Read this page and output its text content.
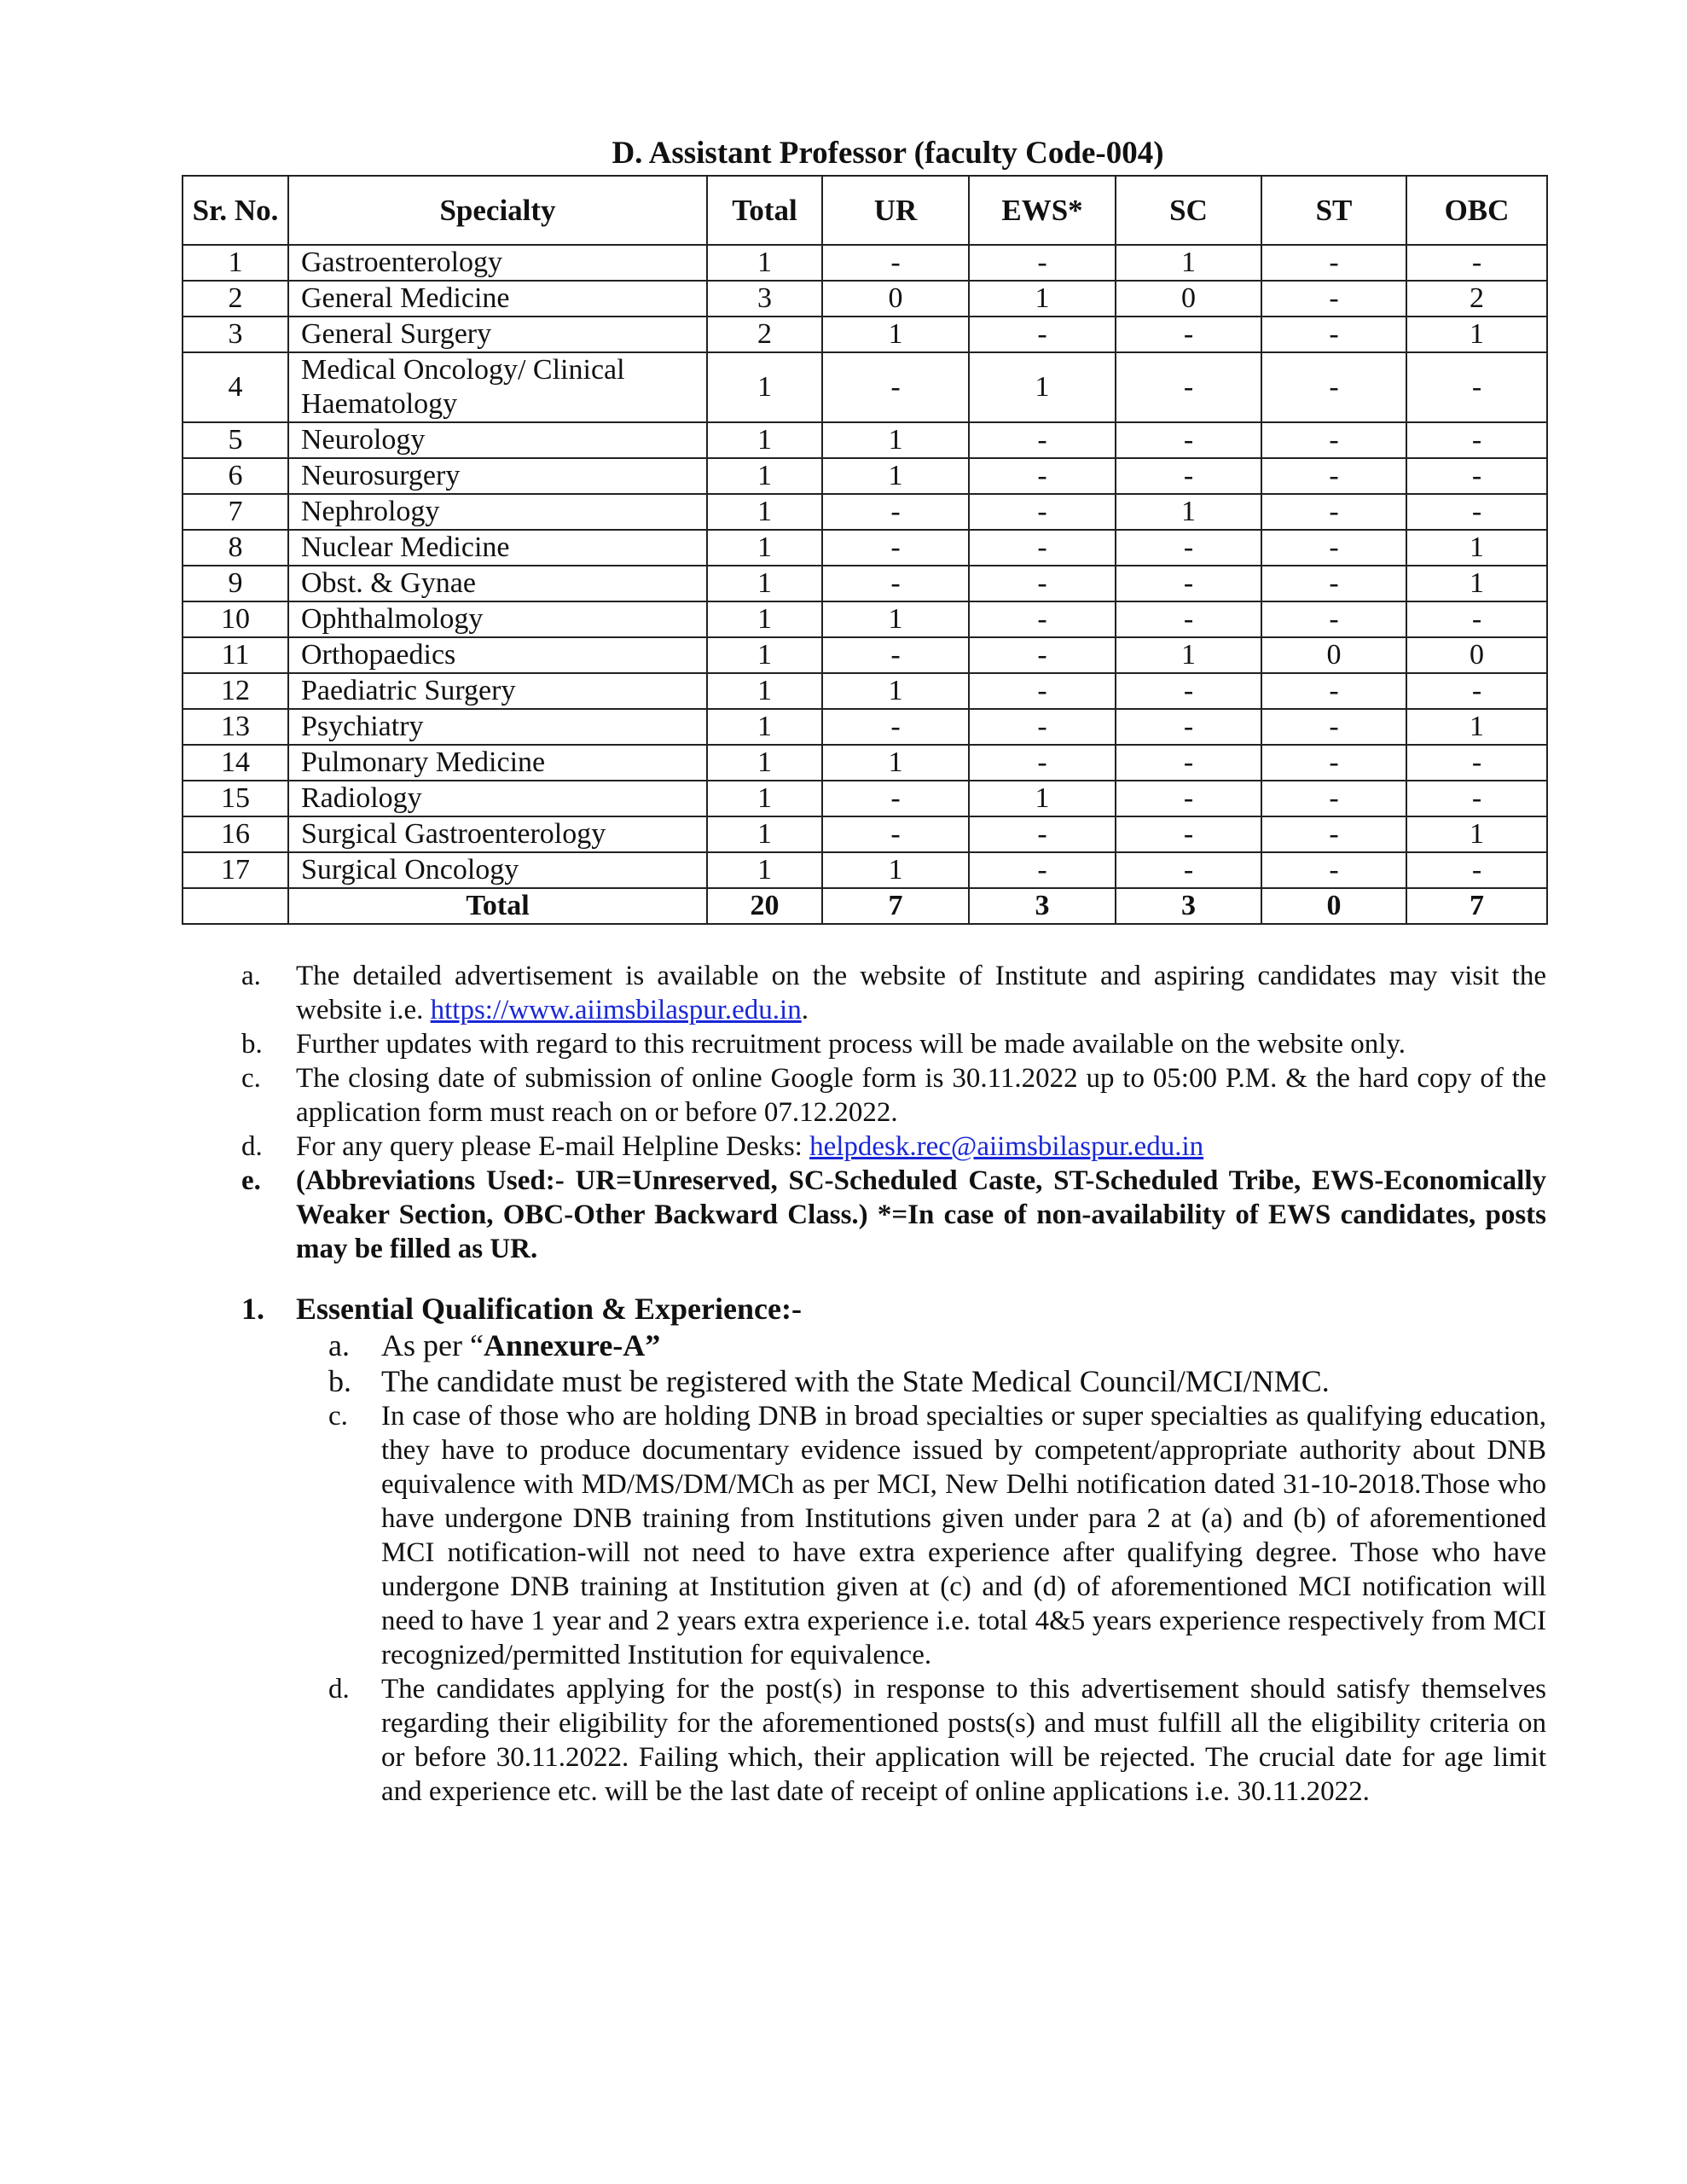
D. Assistant Professor (faculty Code-004)
Sr. No.	Specialty	Total	UR	EWS*	SC	ST	OBC
1	Gastroenterology	1	-	-	1	-	-
2	General Medicine	3	0	1	0	-	2
3	General Surgery	2	1	-	-	-	1
4	Medical Oncology/ Clinical Haematology	1	-	1	-	-	-
5	Neurology	1	1	-	-	-	-
6	Neurosurgery	1	1	-	-	-	-
7	Nephrology	1	-	-	1	-	-
8	Nuclear Medicine	1	-	-	-	-	1
9	Obst. & Gynae	1	-	-	-	-	1
10	Ophthalmology	1	1	-	-	-	-
11	Orthopaedics	1	-	-	1	0	0
12	Paediatric Surgery	1	1	-	-	-	-
13	Psychiatry	1	-	-	-	-	1
14	Pulmonary Medicine	1	1	-	-	-	-
15	Radiology	1	-	1	-	-	-
16	Surgical Gastroenterology	1	-	-	-	-	1
17	Surgical Oncology	1	1	-	-	-	-
	Total	20	7	3	3	0	7
a.	The detailed advertisement is available on the website of Institute and aspiring candidates may visit the website i.e. https://www.aiimsbilaspur.edu.in.
b.	Further updates with regard to this recruitment process will be made available on the website only.
c.	The closing date of submission of online Google form is 30.11.2022 up to 05:00 P.M. & the hard copy of the application form must reach on or before 07.12.2022.
d.	For any query please E-mail Helpline Desks: helpdesk.rec@aiimsbilaspur.edu.in
e.	(Abbreviations Used:- UR=Unreserved, SC-Scheduled Caste, ST-Scheduled Tribe, EWS-Economically Weaker Section, OBC-Other Backward Class.) *=In case of non-availability of EWS candidates, posts may be filled as UR.
1. Essential Qualification & Experience:-
a. As per “Annexure-A”
b. The candidate must be registered with the State Medical Council/MCI/NMC.
c. In case of those who are holding DNB in broad specialties or super specialties as qualifying education, they have to produce documentary evidence issued by competent/appropriate authority about DNB equivalence with MD/MS/DM/MCh as per MCI, New Delhi notification dated 31-10-2018.Those who have undergone DNB training from Institutions given under para 2 at (a) and (b) of aforementioned MCI notification-will not need to have extra experience after qualifying degree. Those who have undergone DNB training at Institution given at (c) and (d) of aforementioned MCI notification will need to have 1 year and 2 years extra experience i.e. total 4&5 years experience respectively from MCI recognized/permitted Institution for equivalence.
d. The candidates applying for the post(s) in response to this advertisement should satisfy themselves regarding their eligibility for the aforementioned posts(s) and must fulfill all the eligibility criteria on or before 30.11.2022. Failing which, their application will be rejected. The crucial date for age limit and experience etc. will be the last date of receipt of online applications i.e. 30.11.2022.
